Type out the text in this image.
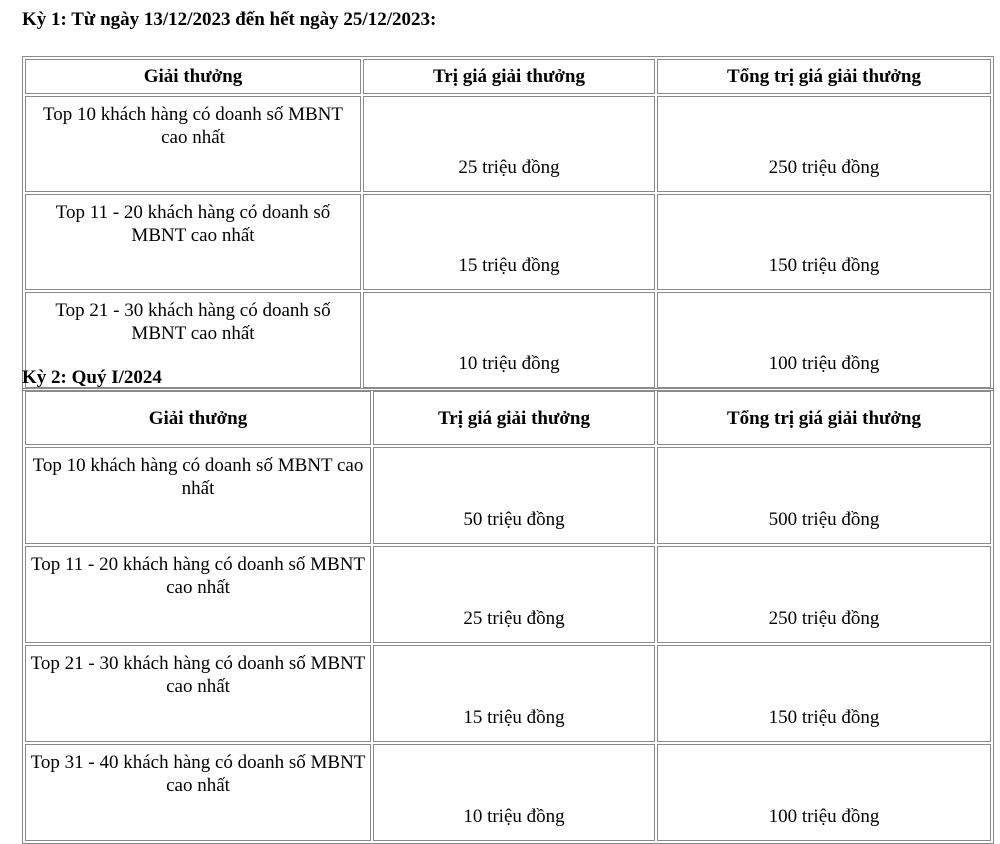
Kỳ 1: Từ ngày 13/12/2023 đến hết ngày 25/12/2023:
Giải thưởng	Trị giá giải thưởng	Tổng trị giá giải thưởng
Top 10 khách hàng có doanh số MBNT cao nhất	25 triệu đồng	250 triệu đồng
Top 11 - 20 khách hàng có doanh số MBNT cao nhất	15 triệu đồng	150 triệu đồng
Top 21 - 30 khách hàng có doanh số MBNT cao nhất	10 triệu đồng	100 triệu đồng
Kỳ 2: Quý I/2024
Giải thưởng	Trị giá giải thưởng	Tổng trị giá giải thưởng
Top 10 khách hàng có doanh số MBNT cao nhất	50 triệu đồng	500 triệu đồng
Top 11 - 20 khách hàng có doanh số MBNT cao nhất	25 triệu đồng	250 triệu đồng
Top 21 - 30 khách hàng có doanh số MBNT cao nhất	15 triệu đồng	150 triệu đồng
Top 31 - 40 khách hàng có doanh số MBNT cao nhất	10 triệu đồng	100 triệu đồng
